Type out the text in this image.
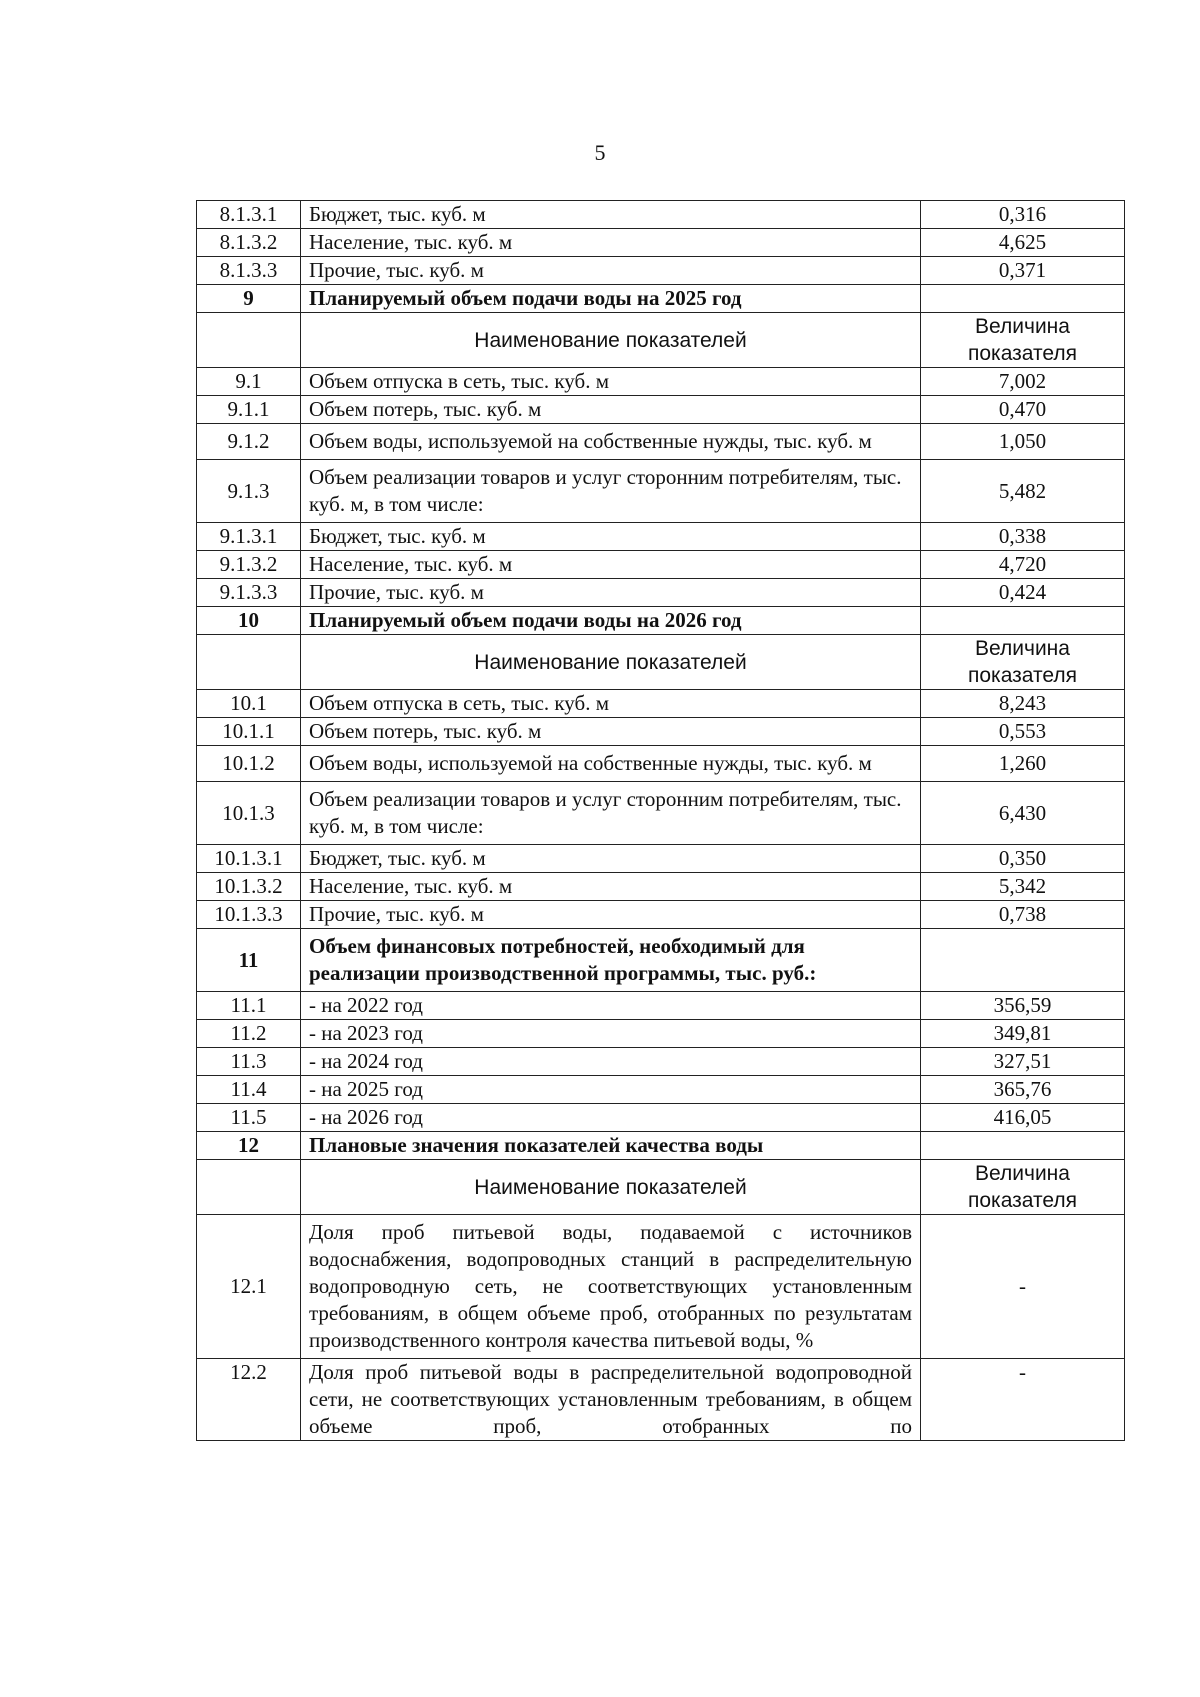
5
8.1.3.1	Бюджет, тыс. куб. м	0,316
8.1.3.2	Население, тыс. куб. м	4,625
8.1.3.3	Прочие, тыс. куб. м	0,371
9	Планируемый объем подачи воды на 2025 год	
	Наименование показателей	Величина показателя
9.1	Объем отпуска в сеть, тыс. куб. м	7,002
9.1.1	Объем потерь, тыс. куб. м	0,470
9.1.2	Объем воды, используемой на собственные нужды, тыс. куб. м	1,050
9.1.3	Объем реализации товаров и услуг сторонним потребителям, тыс. куб. м, в том числе:	5,482
9.1.3.1	Бюджет, тыс. куб. м	0,338
9.1.3.2	Население, тыс. куб. м	4,720
9.1.3.3	Прочие, тыс. куб. м	0,424
10	Планируемый объем подачи воды на 2026 год	
	Наименование показателей	Величина показателя
10.1	Объем отпуска в сеть, тыс. куб. м	8,243
10.1.1	Объем потерь, тыс. куб. м	0,553
10.1.2	Объем воды, используемой на собственные нужды, тыс. куб. м	1,260
10.1.3	Объем реализации товаров и услуг сторонним потребителям, тыс. куб. м, в том числе:	6,430
10.1.3.1	Бюджет, тыс. куб. м	0,350
10.1.3.2	Население, тыс. куб. м	5,342
10.1.3.3	Прочие, тыс. куб. м	0,738
11	Объем финансовых потребностей, необходимый для реализации производственной программы, тыс. руб.:	
11.1	- на 2022 год	356,59
11.2	- на 2023 год	349,81
11.3	- на 2024 год	327,51
11.4	- на 2025 год	365,76
11.5	- на 2026 год	416,05
12	Плановые значения показателей качества воды	
	Наименование показателей	Величина показателя
12.1	Доля проб питьевой воды, подаваемой с источников водоснабжения, водопроводных станций в распределительную водопроводную сеть, не соответствующих установленным требованиям, в общем объеме проб, отобранных по результатам производственного контроля качества питьевой воды, %	-
12.2	Доля проб питьевой воды в распределительной водопроводной сети, не соответствующих установленным требованиям, в общем объеме проб, отобранных по	-
